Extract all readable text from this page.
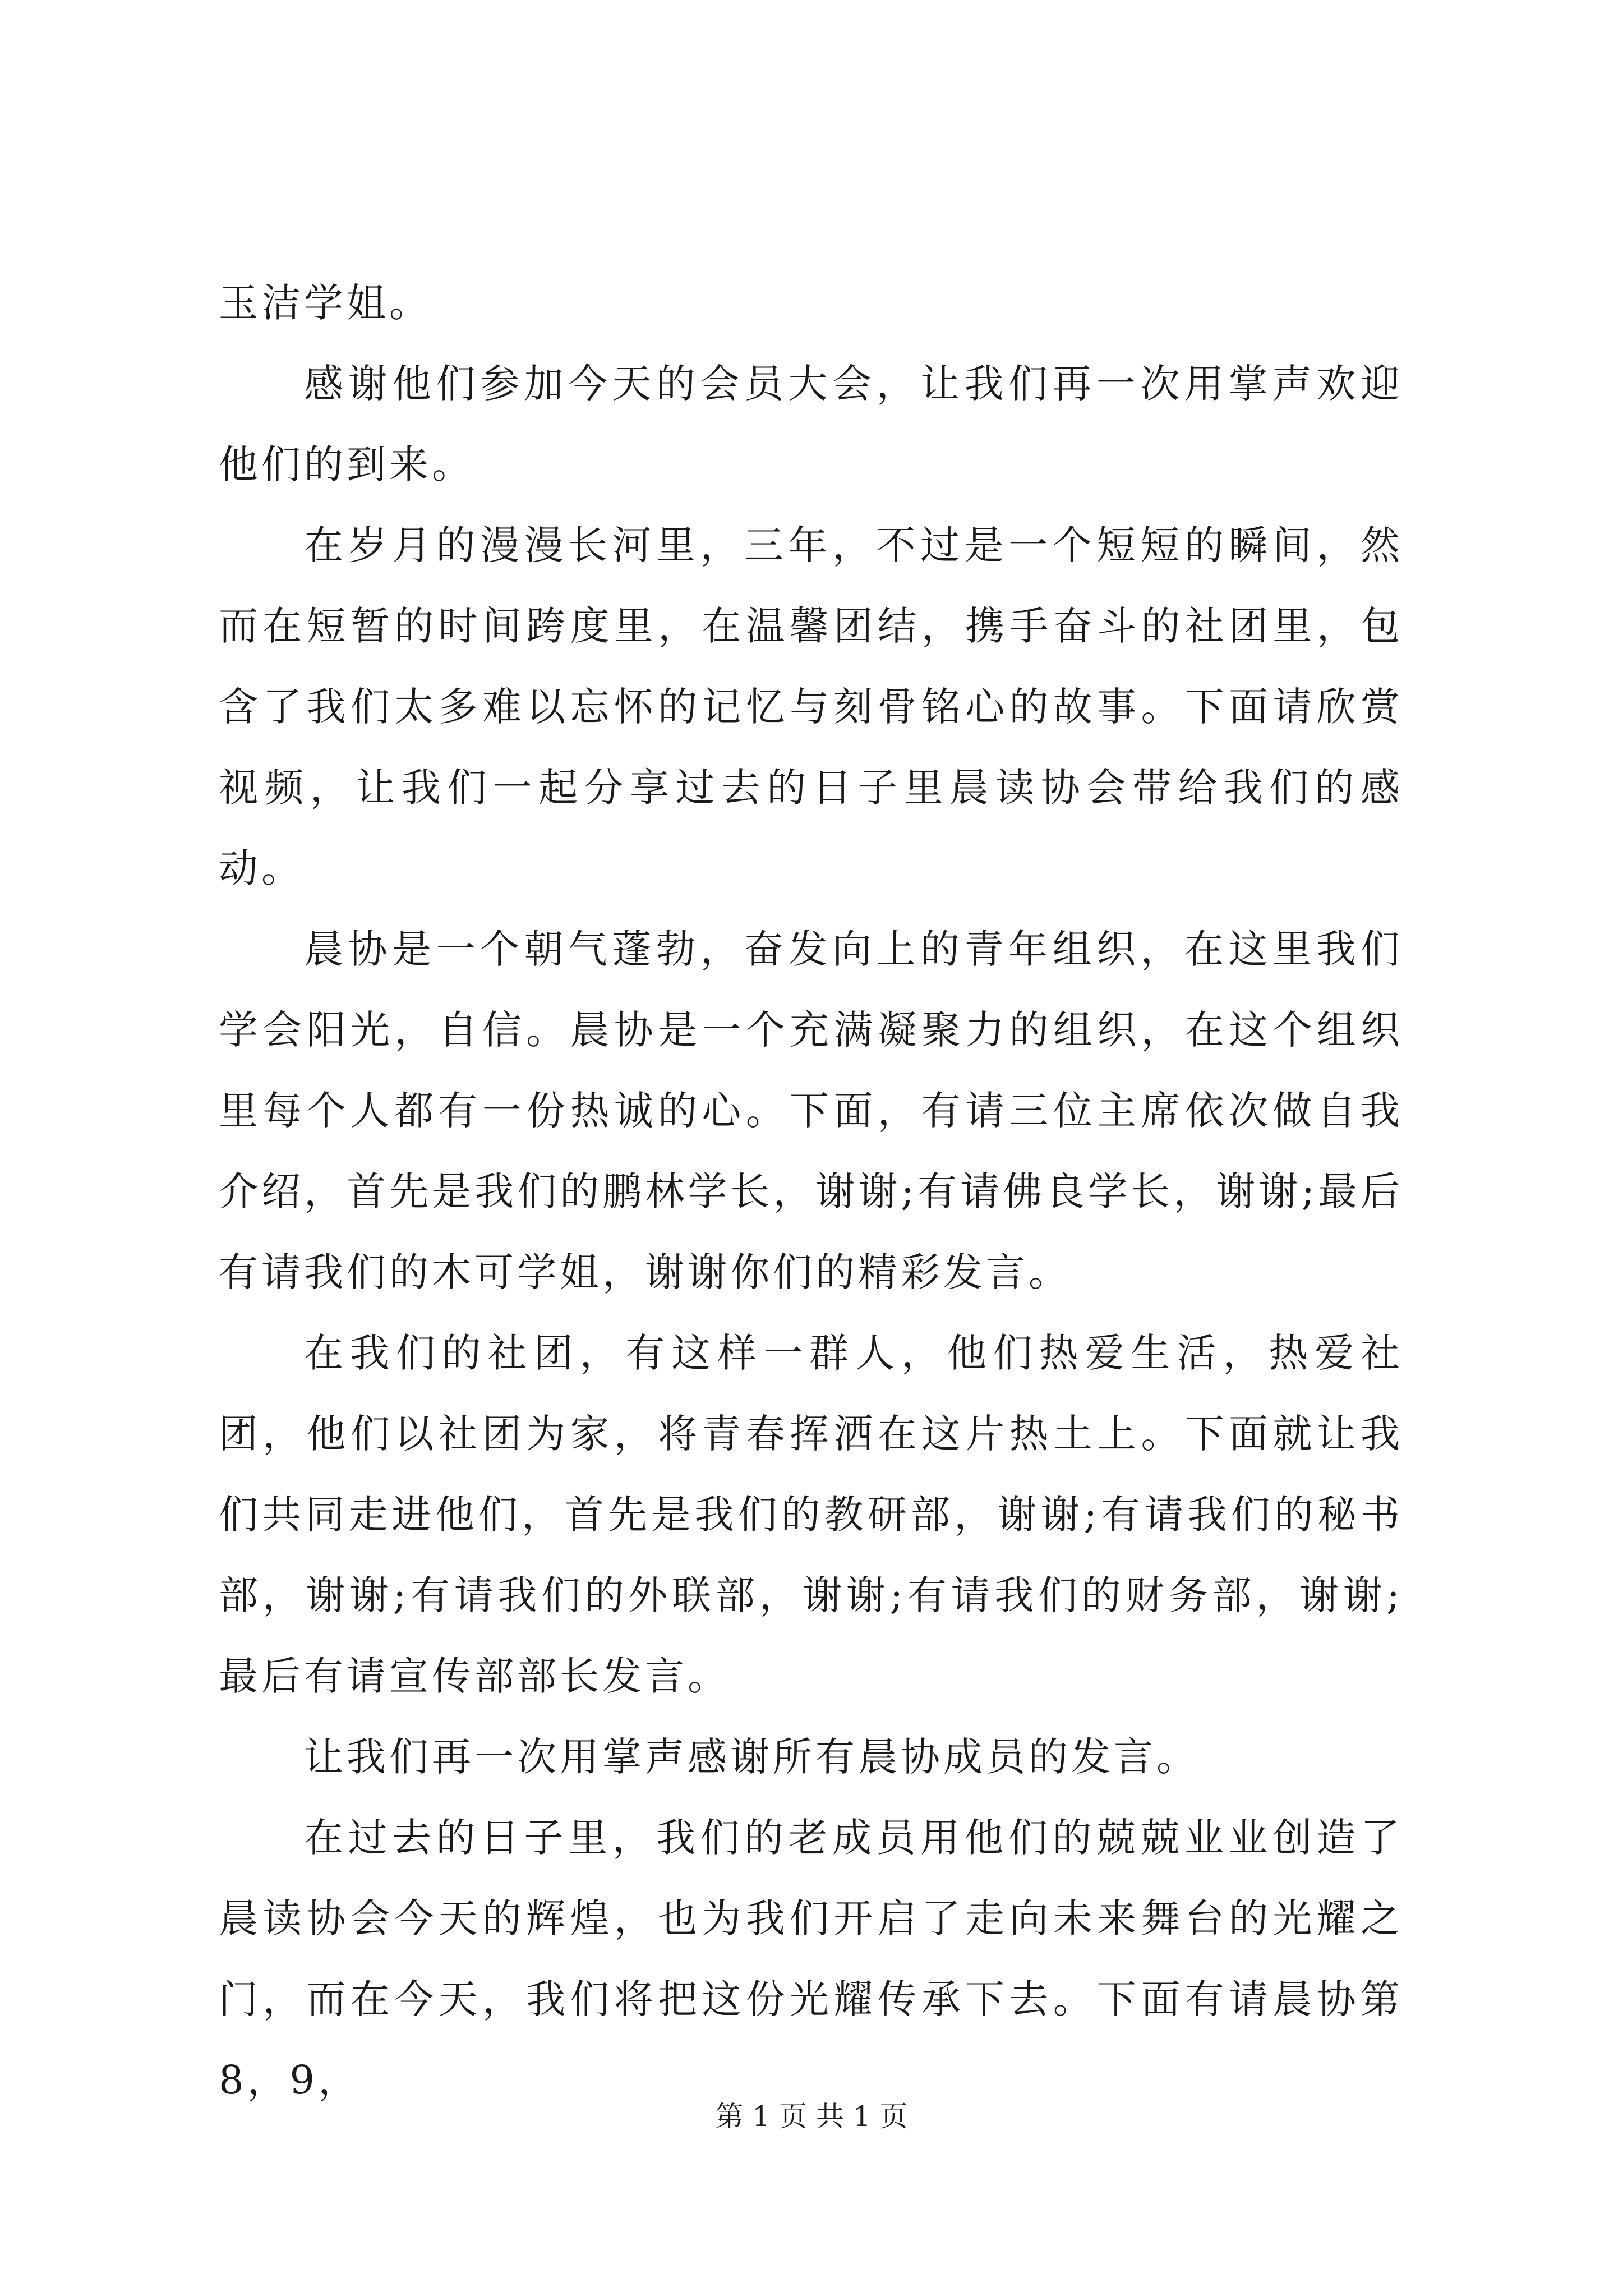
玉洁学姐。

感谢他们参加今天的会员大会，让我们再一次用掌声欢迎他们的到来。

在岁月的漫漫长河里，三年，不过是一个短短的瞬间，然而在短暂的时间跨度里，在温馨团结，携手奋斗的社团里，包含了我们太多难以忘怀的记忆与刻骨铭心的故事。下面请欣赏视频，让我们一起分享过去的日子里晨读协会带给我们的感动。

晨协是一个朝气蓬勃，奋发向上的青年组织，在这里我们学会阳光，自信。晨协是一个充满凝聚力的组织，在这个组织里每个人都有一份热诚的心。下面，有请三位主席依次做自我介绍，首先是我们的鹏林学长，谢谢;有请佛良学长，谢谢;最后有请我们的木可学姐，谢谢你们的精彩发言。

在我们的社团，有这样一群人，他们热爱生活，热爱社团，他们以社团为家，将青春挥洒在这片热土上。下面就让我们共同走进他们，首先是我们的教研部，谢谢;有请我们的秘书部，谢谢;有请我们的外联部，谢谢;有请我们的财务部，谢谢;最后有请宣传部部长发言。

让我们再一次用掌声感谢所有晨协成员的发言。

在过去的日子里，我们的老成员用他们的兢兢业业创造了晨读协会今天的辉煌，也为我们开启了走向未来舞台的光耀之门，而在今天，我们将把这份光耀传承下去。下面有请晨协第8，9，

第 1 页 共 1 页
